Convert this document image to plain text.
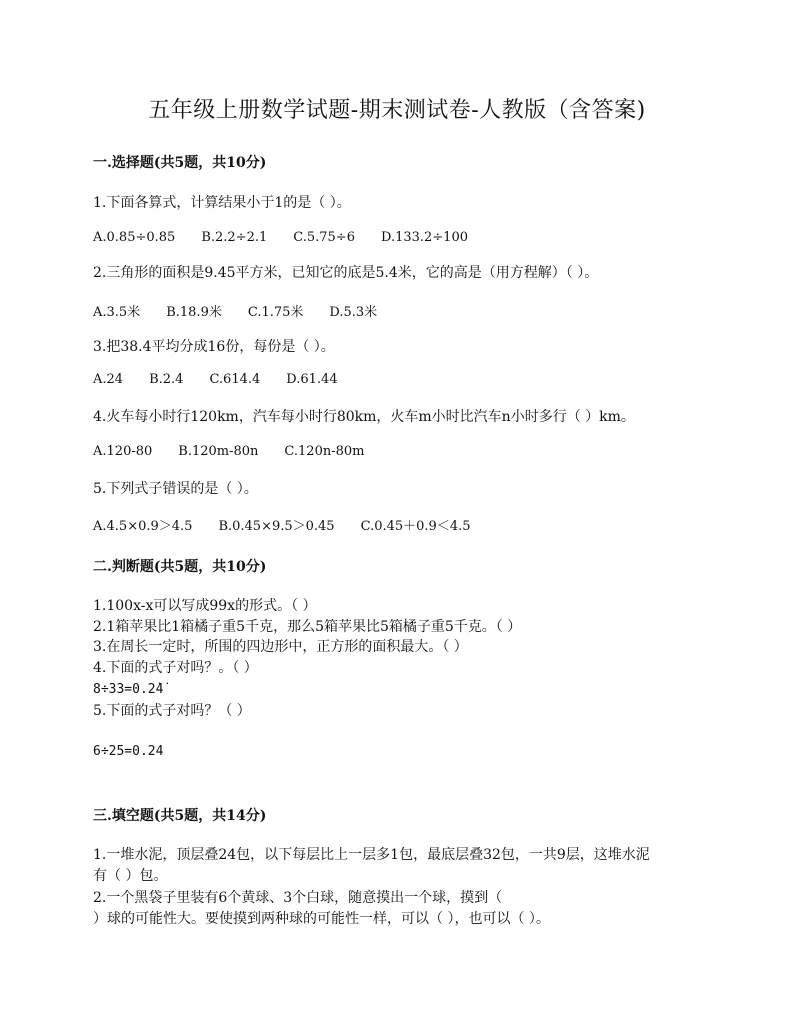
五年级上册数学试题-期末测试卷-人教版（含答案)
一.选择题(共5题，共10分)
1.下面各算式，计算结果小于1的是（ ）。
A.0.85÷0.85 B.2.2÷2.1 C.5.75÷6 D.133.2÷100
2.三角形的面积是9.45平方米，已知它的底是5.4米，它的高是（用方程解）（ ）。
A.3.5米 B.18.9米 C.1.75米 D.5.3米
3.把38.4平均分成16份，每份是（ ）。
A.24 B.2.4 C.614.4 D.61.44
4.火车每小时行120km，汽车每小时行80km，火车m小时比汽车n小时多行（ ）km。
A.120-80 B.120m-80n C.120n-80m
5.下列式子错误的是（ ）。
A.4.5×0.9＞4.5 B.0.45×9.5＞0.45 C.0.45＋0.9＜4.5
二.判断题(共5题，共10分)
1.100x-x可以写成99x的形式。（ ）
2.1箱苹果比1箱橘子重5千克，那么5箱苹果比5箱橘子重5千克。（ ）
3.在周长一定时，所围的四边形中，正方形的面积最大。（ ）
4.下面的式子对吗？。（ ）
8÷33=0.2̇4̇
5.下面的式子对吗？（ ）
6÷25=0.24
三.填空题(共5题，共14分)
1.一堆水泥，顶层叠24包，以下每层比上一层多1包，最底层叠32包，一共9层，这堆水泥
有（ ）包。
2.一个黑袋子里装有6个黄球、3个白球，随意摸出一个球，摸到（
）球的可能性大。要使摸到两种球的可能性一样，可以（ ），也可以（ ）。
